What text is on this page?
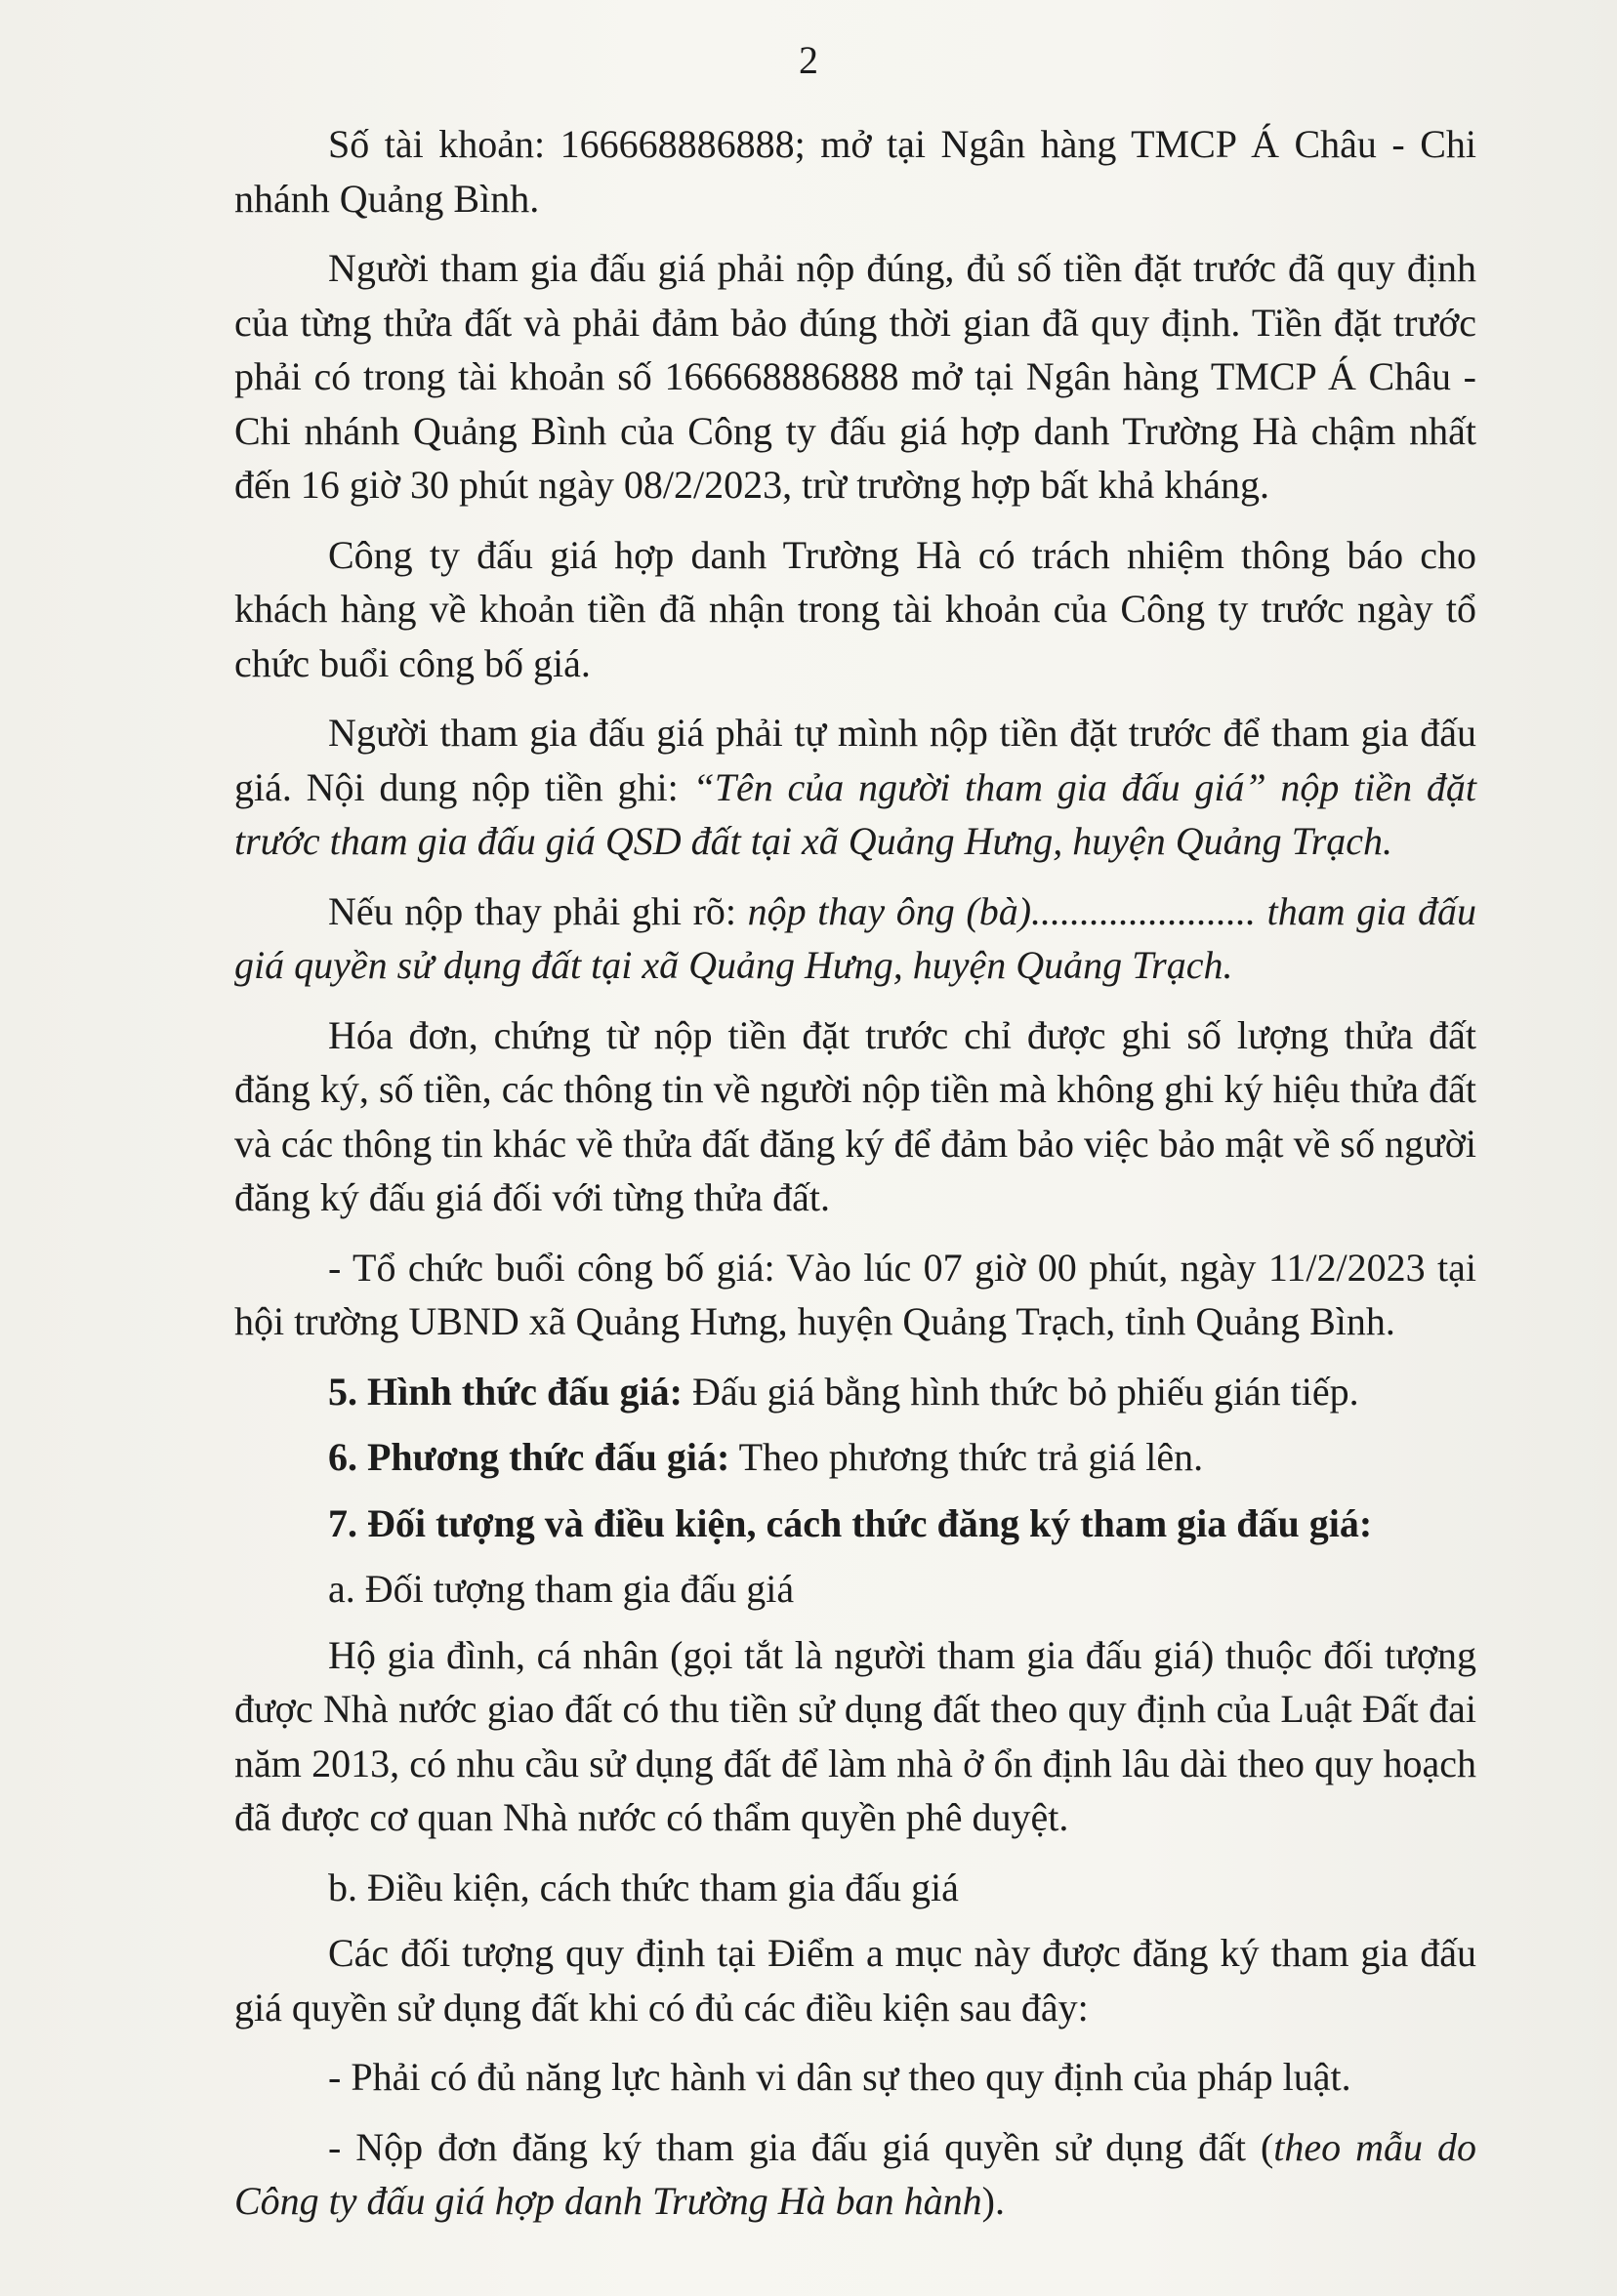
2

Số tài khoản: 166668886888; mở tại Ngân hàng TMCP Á Châu - Chi nhánh Quảng Bình.

Người tham gia đấu giá phải nộp đúng, đủ số tiền đặt trước đã quy định của từng thửa đất và phải đảm bảo đúng thời gian đã quy định. Tiền đặt trước phải có trong tài khoản số 166668886888 mở tại Ngân hàng TMCP Á Châu - Chi nhánh Quảng Bình của Công ty đấu giá hợp danh Trường Hà chậm nhất đến 16 giờ 30 phút ngày 08/2/2023, trừ trường hợp bất khả kháng.

Công ty đấu giá hợp danh Trường Hà có trách nhiệm thông báo cho khách hàng về khoản tiền đã nhận trong tài khoản của Công ty trước ngày tổ chức buổi công bố giá.

Người tham gia đấu giá phải tự mình nộp tiền đặt trước để tham gia đấu giá. Nội dung nộp tiền ghi: “Tên của người tham gia đấu giá” nộp tiền đặt trước tham gia đấu giá QSD đất tại xã Quảng Hưng, huyện Quảng Trạch.

Nếu nộp thay phải ghi rõ: nộp thay ông (bà)....................... tham gia đấu giá quyền sử dụng đất tại xã Quảng Hưng, huyện Quảng Trạch.

Hóa đơn, chứng từ nộp tiền đặt trước chỉ được ghi số lượng thửa đất đăng ký, số tiền, các thông tin về người nộp tiền mà không ghi ký hiệu thửa đất và các thông tin khác về thửa đất đăng ký để đảm bảo việc bảo mật về số người đăng ký đấu giá đối với từng thửa đất.

- Tổ chức buổi công bố giá: Vào lúc 07 giờ 00 phút, ngày 11/2/2023 tại hội trường UBND xã Quảng Hưng, huyện Quảng Trạch, tỉnh Quảng Bình.

5. Hình thức đấu giá: Đấu giá bằng hình thức bỏ phiếu gián tiếp.

6. Phương thức đấu giá: Theo phương thức trả giá lên.

7. Đối tượng và điều kiện, cách thức đăng ký tham gia đấu giá:

a. Đối tượng tham gia đấu giá

Hộ gia đình, cá nhân (gọi tắt là người tham gia đấu giá) thuộc đối tượng được Nhà nước giao đất có thu tiền sử dụng đất theo quy định của Luật Đất đai năm 2013, có nhu cầu sử dụng đất để làm nhà ở ổn định lâu dài theo quy hoạch đã được cơ quan Nhà nước có thẩm quyền phê duyệt.

b. Điều kiện, cách thức tham gia đấu giá

Các đối tượng quy định tại Điểm a mục này được đăng ký tham gia đấu giá quyền sử dụng đất khi có đủ các điều kiện sau đây:

- Phải có đủ năng lực hành vi dân sự theo quy định của pháp luật.

- Nộp đơn đăng ký tham gia đấu giá quyền sử dụng đất (theo mẫu do Công ty đấu giá hợp danh Trường Hà ban hành).
